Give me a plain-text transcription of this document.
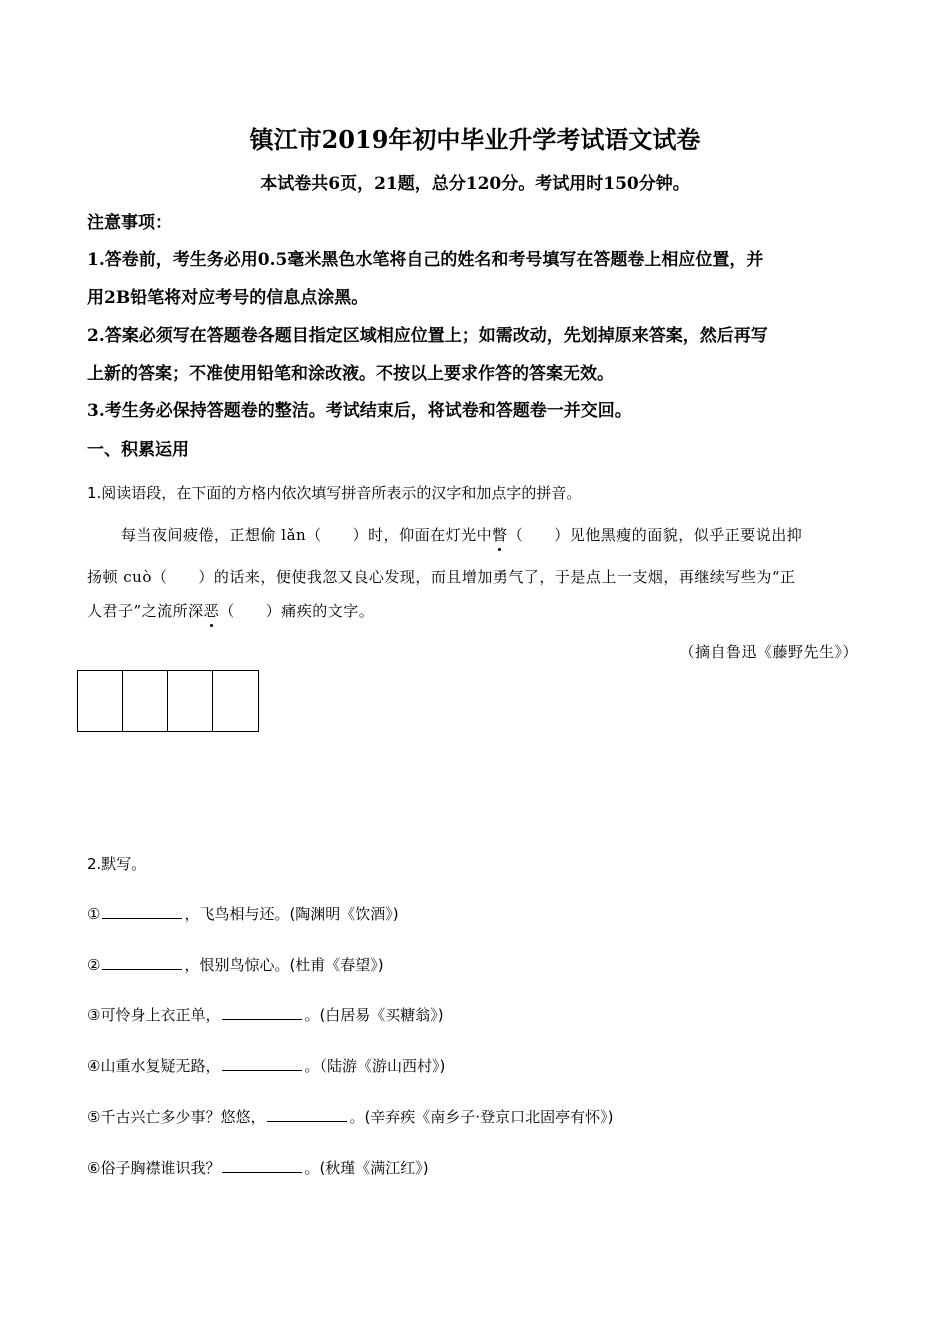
镇江市2019年初中毕业升学考试语文试卷

本试卷共6页，21题，总分120分。考试用时150分钟。

注意事项：

1.答卷前，考生务必用0.5毫米黑色水笔将自己的姓名和考号填写在答题卷上相应位置，并

用2B铅笔将对应考号的信息点涂黑。

2.答案必须写在答题卷各题目指定区域相应位置上；如需改动，先划掉原来答案，然后再写

上新的答案；不准使用铅笔和涂改液。不按以上要求作答的答案无效。

3.考生务必保持答题卷的整洁。考试结束后，将试卷和答题卷一并交回。

一、积累运用

1.阅读语段，在下面的方格内依次填写拼音所表示的汉字和加点字的拼音。

每当夜间疲倦，正想偷 lǎn（　　）时，仰面在灯光中瞥（　　）见他黑瘦的面貌，似乎正要说出抑

扬顿 cuò（　　）的话来，便使我忽又良心发现，而且增加勇气了，于是点上一支烟，再继续写些为“正

人君子”之流所深恶（　　）痛疾的文字。

（摘自鲁迅《藤野先生》）

2.默写。

①	，飞鸟相与还。(陶渊明《饮酒》)

②	，恨别鸟惊心。(杜甫《春望》)

③可怜身上衣正单，	。(白居易《买糖翁》)

④山重水复疑无路，	。（陆游《游山西村》)

⑤千古兴亡多少事？悠悠，	。(辛弃疾《南乡子·登京口北固亭有怀》)

⑥俗子胸襟谁识我？	。(秋瑾《满江红》)
